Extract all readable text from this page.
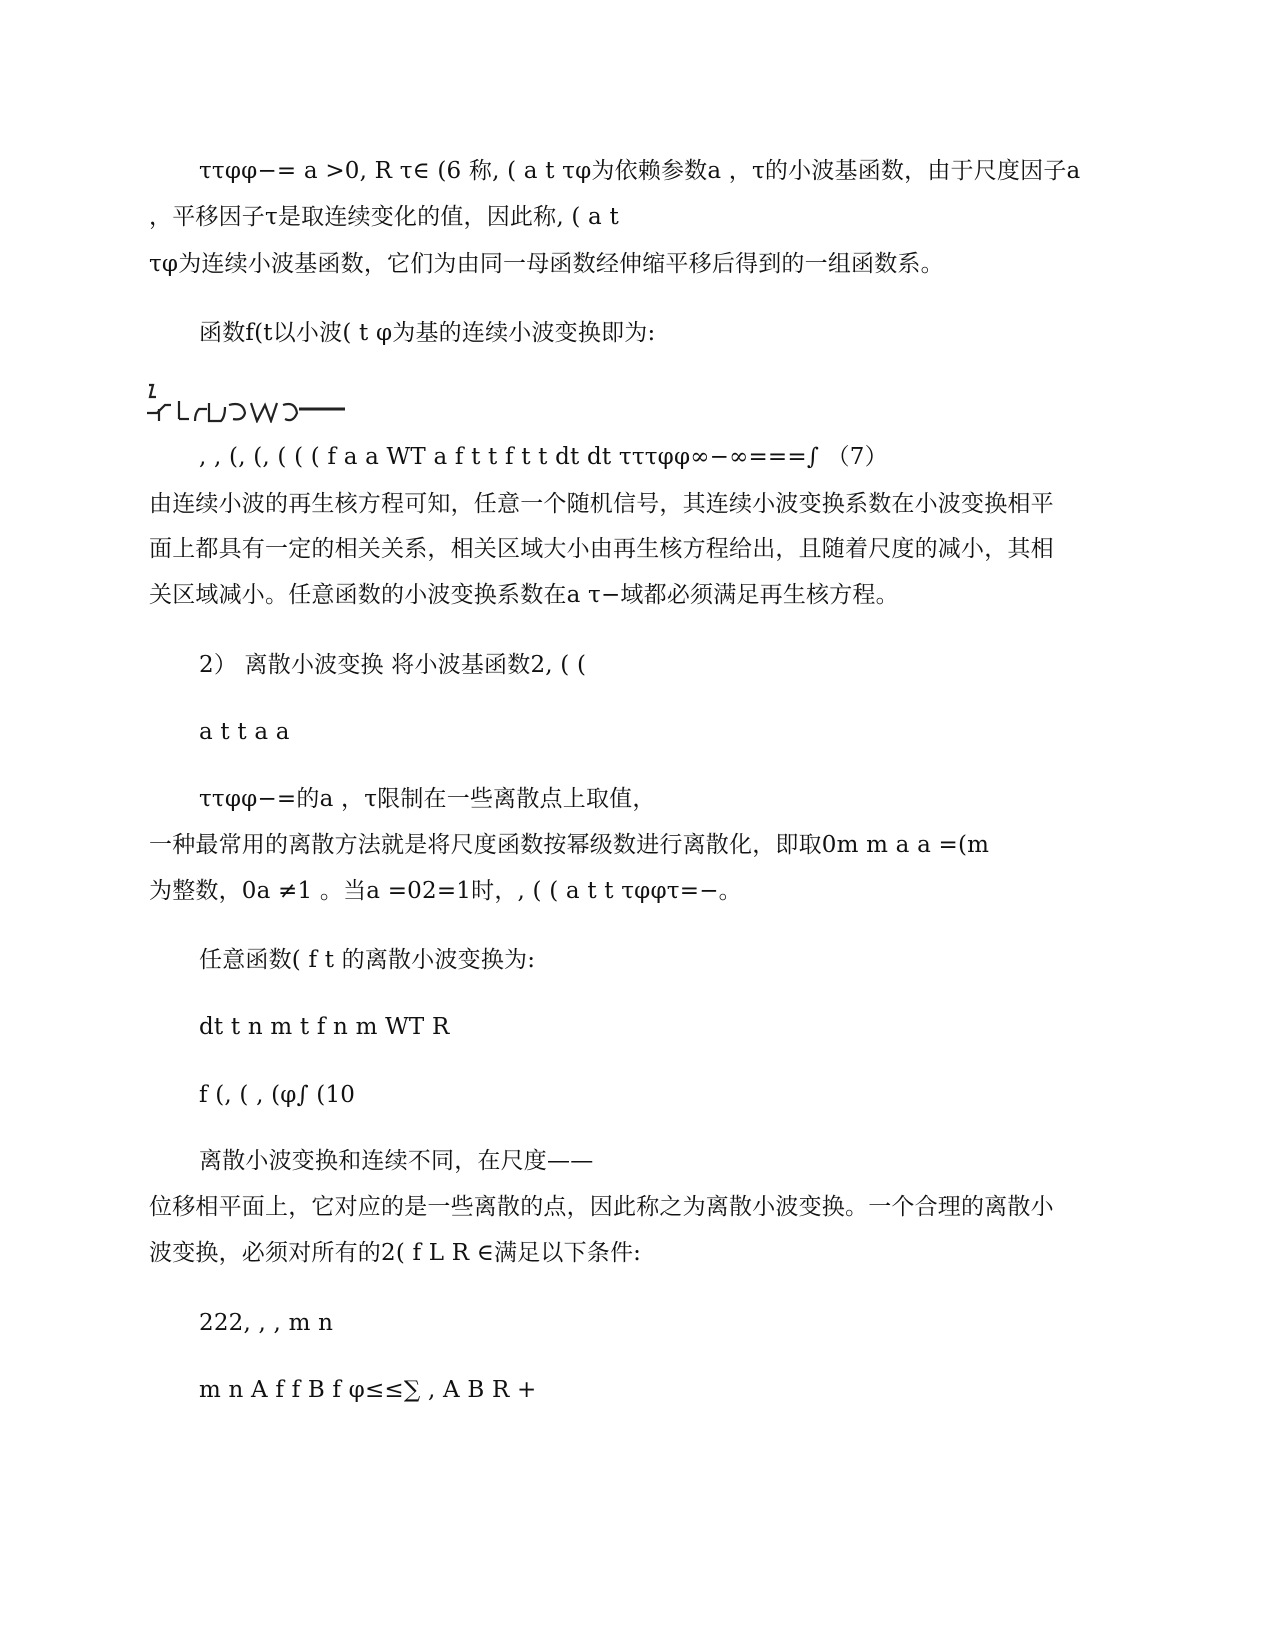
ττφφ−= a >0, R τ∈ (6 称, ( a t τφ为依赖参数a ，τ的小波基函数，由于尺度因子a
，平移因子τ是取连续变化的值，因此称, ( a t
τφ为连续小波基函数，它们为由同一母函数经伸缩平移后得到的一组函数系。
函数f(t以小波( t φ为基的连续小波变换即为:
, , (, (, ( ( ( f a a WT a f t t f t t dt dt τττφφ∞−∞===∫ （7）
由连续小波的再生核方程可知，任意一个随机信号，其连续小波变换系数在小波变换相平
面上都具有一定的相关关系，相关区域大小由再生核方程给出，且随着尺度的减小，其相
关区域减小。任意函数的小波变换系数在a τ−域都必须满足再生核方程。
2） 离散小波变换 将小波基函数2, ( (
a t t a a
ττφφ−=的a ，τ限制在一些离散点上取值，
一种最常用的离散方法就是将尺度函数按幂级数进行离散化，即取0m m a a =(m
为整数，0a ≠1 。当a =02=1时，, ( ( a t t τφφτ=−。
任意函数( f t 的离散小波变换为:
dt t n m t f n m WT R
f (, ( , (φ∫ (10
离散小波变换和连续不同，在尺度——
位移相平面上，它对应的是一些离散的点，因此称之为离散小波变换。一个合理的离散小
波变换，必须对所有的2( f L R ∈满足以下条件:
222, , , m n
m n A f f B f φ≤≤∑ , A B R +
